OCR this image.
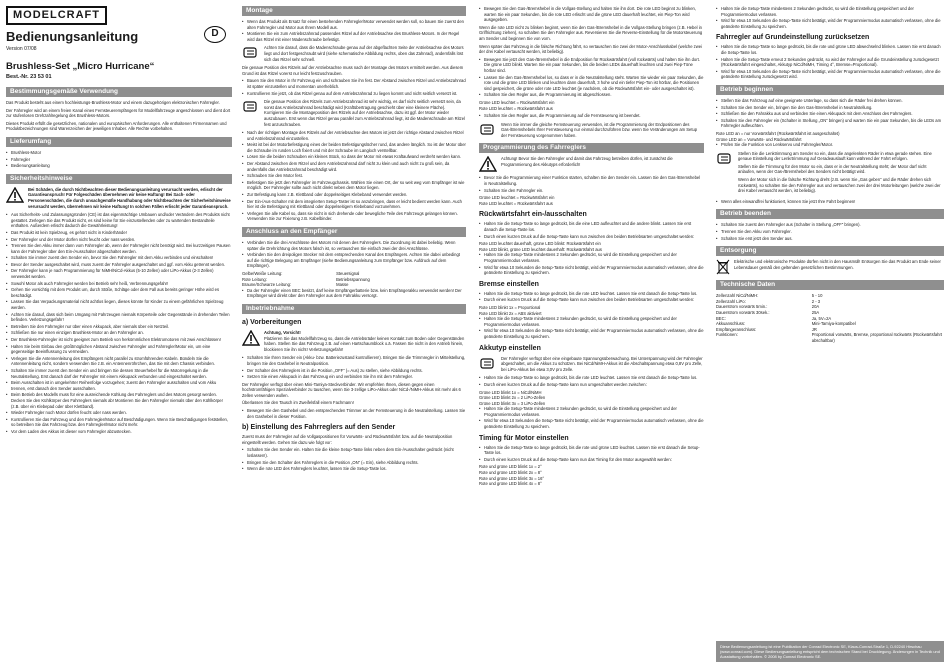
MODELCRAFT
Bedienungsanleitung
Version 07/08
D
Brushless-Set „Micro Hurricane“
Best.-Nr. 23 53 01
Bestimmungsgemäße Verwendung

Das Produkt besteht aus einem hochleistungs-Brushless-Motor und einem dazugehörigen elektronischen Fahrregler.

Der Fahrregler wird an einem freien Kanal eines Fernsteuerempfängers für Modellfahrzeuge angeschlossen und dient dort zur stufenlosen Drehzahlregelung des Brushless-Motors.

Dieses Produkt erfüllt die gesetzlichen, nationalen und europäischen Anforderungen. Alle enthaltenen Firmennamen und Produktbezeichnungen sind Warenzeichen der jeweiligen Inhaber. Alle Rechte vorbehalten.

Lieferumfang
• Brushless-Motor
• Fahrregler
• Bedienungsanleitung
Sicherheitshinweise
Bei Schäden, die durch Nichtbeachten dieser Bedienungsanleitung verursacht werden, erlischt der Garantieanspruch! Für Folgeschäden übernehmen wir keine Haftung! Bei Sach- oder Personenschäden, die durch unsachgemäße Handhabung oder Nichtbeachten der Sicherheitshinweise verursacht werden, übernehmen wir keine Haftung! In solchen Fällen erlischt jeder Garantieanspruch.
• Aus Sicherheits- und Zulassungsgründen (CE) ist das eigenmächtige Umbauen und/oder Verändern des Produkts nicht gestattet. Zerlegen Sie das Produkt nicht, es sind keine für Sie einzustellenden oder zu wartenden Bestandteile enthalten. Außerdem erlischt dadurch die Gewährleistung!
• Das Produkt ist kein Spielzeug, es gehört nicht in Kinderhände!
• Der Fahrregler und der Motor dürfen nicht feucht oder nass werden.
• Trennen Sie den Akku immer dann vom Fahrregler ab, wenn der Fahrregler nicht benötigt wird. Bei kurzzeitigen Pausen kann der Fahrregler über den Ein-/Ausschalter abgeschaltet werden.
• Schalten Sie immer zuerst den Sender ein, bevor Sie den Fahrregler mit dem Akku verbinden und einschalten!
• Bevor der Sender ausgeschaltet wird, muss zuerst der Fahrregler ausgeschaltet und ggf. vom Akku getrennt werden.
• Der Fahrregler kann je nach Programmierung für NiMH/NiCd-Akkus (5-10 Zellen) oder LiPo-Akkus (2-3 Zellen) verwendet werden.
• Sowohl Motor als auch Fahrregler werden bei Betrieb sehr heiß, Verbrennungsgefahr!
• Gehen Sie vorsichtig mit dem Produkt um, durch Stöße, Schläge oder dem Fall aus bereits geringer Höhe wird es beschädigt.
• Lassen Sie das Verpackungsmaterial nicht achtlos liegen, dieses könnte für Kinder zu einem gefährlichen Spielzeug werden.
• Achten Sie darauf, dass sich beim Umgang mit Fahrzeugen niemals Körperteile oder Gegenstände in drehenden Teilen befinden. Verletzungsgefahr!
• Betreiben Sie den Fahrregler nur über einen Akkupack, aber niemals über ein Netzteil.
• Schließen Sie nur einen einzigen Brushless-Motor an den Fahrregler an.
• Der Brushless-Fahrregler ist nicht geeignet zum Betrieb von herkömmlichen Elektromotoren mit zwei Anschlüssen!
• Halten Sie beim Einbau den größtmöglichen Abstand zwischen Fahrregler und Fahrregler/Motor ein, um eine gegenseitige Beeinflussung zu vermeiden.
• Verlegen Sie die Antennenleitung des Empfängers nicht parallel zu stromführenden Kabeln. Bündeln Sie die Antennenleitung nicht, sondern verwenden Sie z.B. ein Antennenröhrchen, das Sie mit dem Chassis verbinden.
• Schalten Sie immer zuerst den Sender ein und bringen Sie dessen Steuerhebel für die Motorregelung in die Neutralstellung. Erst danach darf der Fahrregler mit einem Akkupack verbunden und eingeschaltet werden.
• Beim Ausschalten ist in umgekehrter Reihenfolge vorzugehen; zuerst den Fahrregler ausschalten und vom Akku trennen, erst danach den Sender ausschalten.
• Beim Betrieb des Modells muss für eine ausreichende Kühlung des Fahrreglers und des Motors gesorgt werden. Decken Sie den Kühlkörper des Fahrreglers niemals ab! Montieren Sie den Fahrregler niemals über den Kühlkörper (z.B. über ein Klebepad oder über Klettband).
• Wieder Fahrregler noch Motor dürfen feucht oder nass werden.
• Kontrollieren Sie das Fahrzeug und den Fahrregler/Motor auf Beschädigungen. Wenn Sie Beschädigungen feststellen, so betreiben Sie das Fahrzeug bzw. den Fahrregler/Motor nicht mehr.
• Vor dem Laden des Akkus ist dieser vom Fahrregler abzustecken.
Montage
• Wenn das Produkt als Ersatz für einen bestehenden Fahrregler/Motor verwendet werden soll, so bauen Sie zuerst den alten Fahrregler und Motor aus Ihrem Modell aus.
• Montieren Sie ein zum Antriebszahnrad passendes Ritzel auf der Antriebsachse des Brushless-Motors. In der Regel wird das Ritzel mit einer Madenschraube befestigt.
Achten Sie darauf, dass die Madenschraube genau auf der abgeflachten Seite der Antriebsachse des Motors liegt und dort festgeschraubt wird (siehe schematische Abbildung rechts, oben das Zahnrad), andernfalls löst sich das Ritzel sehr schnell.

Die genaue Position des Ritzels auf der Antriebsachse muss nach der Montage des Motors ermittelt werden. Aus diesem Grund ist das Ritzel vorerst nur leicht festzuschrauben.

• Bauen Sie den Motor in Ihr Fahrzeug ein und schrauben Sie ihn fest. Der Abstand zwischen Ritzel und Antriebszahnrad ist später einzustellen und momentan unerheblich.
• Kontrollieren Sie jetzt, ob das Ritzel genau auf dem Antriebszahnrad zu liegen kommt und nicht seitlich versetzt ist.
Die genaue Position des Ritzels zum Antriebszahnrad ist sehr wichtig, es darf nicht seitlich versetzt sein, da sonst das Antriebszahnrad beschädigt wird (Kraftübertragung geschieht über eine kleinere Fläche). Korrigieren Sie die Montageposition des Ritzels auf der Antriebsachse, dazu ist ggf. der Motor wieder auszubauen. Erst wenn das Ritzel genau parallel zum Antriebszahnrad liegt, ist die Madenschraube am Ritzel fest anzuschrauben.
• Nach der richtigen Montage des Ritzels auf der Antriebsachse des Motors ist jetzt der richtige Abstand zwischen Ritzel und Antriebszahnrad einzustellen.
• Meist ist bei der Motorbefestigung eines der beiden Befestigungslöcher rund, das andere länglich. So ist der Motor über die Schraube im runden Loch fixiert und mit der Schraube im Langloch verstellbar.
• Lösen Sie die beiden Schrauben ein kleines Stück, so dass der Motor mit etwas Kraftaufwand verdreht werden kann.
• Der Abstand zwischen dem Ritzel und dem Antriebszahnrad darf nicht zu klein und auch nicht zu groß sein, da andernfalls das Antriebszahnrad beschädigt wird.
• Schrauben Sie den Motor fest.
• Befestigen Sie jetzt den Fahrregler im Fahrzeugchassis. Wählen Sie einen Ort, der so weit weg vom Empfänger ist wie möglich. Der Fahrregler sollte auch nicht direkt neben dem Motor liegen.
• Zur Befestigung kann z.B. Klettband oder doppelseitiges Klebeband verwendet werden.
• Der Ein-/Aus-Schalter mit dem integrierten Setup-Taster ist so anzubringen, dass er leicht bedient werden kann. Auch hier ist die Befestigung mit Klettband oder doppelseitigem Klebeband vorzunehmen.
• Verlegen Sie alle Kabel so, dass sie nicht in sich drehende oder bewegliche Teile des Fahrzeugs gelangen können. Verwenden Sie zur Fixierung z.B. Kabelbinder.
Anschluss an den Empfänger
• Verbinden Sie die drei Anschlüsse des Motors mit denen des Fahrreglers. Die Zuordnung ist dabei beliebig. Wenn später die Drehrichtung des Motors falsch ist, so vertauschen Sie einfach zwei der drei Anschlüsse.
• Verbinden Sie den dreipoligen Stecker mit dem entsprechenden Kanal des Empfängers. Achten Sie dabei unbedingt auf die richtige Belegung am Empfänger (siehe Bedienungsanleitung zum Empfänger bzw. Aufdruck auf dem Empfänger).
Gelbe/Weiße Leitung:	Steuersignal
Rote Leitung:	Betriebsspannung
Braune/Schwarze Leitung:	Masse
• Da der Fahrregler einen BEC besitzt, darf keine Empfängerbatterie bzw. kein Empfängerakku verwendet werden! Der Empfänger wird direkt über den Fahrregler aus dem Fahrakku versorgt.
Inbetriebnahme
a) Vorbereitungen
Achtung, Vorsicht!
Platzieren Sie das Modellfahrzeug so, dass die Antriebsräder keinen Kontakt zum Boden oder Gegenständen haben. Stellen Sie das Fahrzeug z.B. auf einen Hartschaumblock o.ä. Fassen Sie nicht in den Antrieb hinein, blockieren Sie ihn nicht! Verletzungsgefahr!
• Schalten Sie Ihren Sender ein (Akku- bzw. Batteriezustand kontrollieren!). Bringen Sie die Trimmregler in Mittelstellung, bringen Sie den Gashebel in Neutralposition.
• Der Schalter des Fahrreglers ist in die Position „OFF“ (= Aus) zu stellen, siehe Abbildung rechts.
• Setzen Sie einen Akkupack in das Fahrzeug ein und verbinden Sie ihn mit dem Fahrregler.

Der Fahrregler verfügt über einen Mini-Tamiya-Steckverbinder. Wir empfehlen Ihnen, diesen gegen einen hochstromfähigen Spezialverbinder zu tauschen, wenn Sie 3-zellige LiPo-Akkus oder NiCd-/NiMH-Akkus mit mehr als 6 Zellen verwenden wollen.

Überlassen Sie den Tausch im Zweifelsfall einem Fachmann!

• Bewegen Sie den Gashebel und den entsprechenden Trimmer an der Fernsteuerung in die Neutralstellung. Lassen Sie den Gashebel in dieser Position.
b) Einstellung des Fahrreglers auf den Sender

Zuerst muss der Fahrregler auf die Vollgaspositionen für Vorwärts- und Rückwärtsfahrt bzw. auf die Neutralposition eingestellt werden. Gehen Sie dazu wie folgt vor:

• Schalten Sie den Sender ein. Halten Sie die kleine Setup-Taste links neben dem Ein-/Ausschalter gedrückt (nicht loslassen!).
• Bringen Sie den Schalter des Fahrreglers in die Position „ON“ (= Ein), siehe Abbildung rechts.
• Wenn die rote LED des Fahrreglers leuchtet, lassen Sie die Setup-Taste los.
• Bewegen Sie den Gas-/Bremshebel in die Vollgas-Stellung und halten Sie ihn dort. Die rote LED beginnt zu blinken, warten Sie ein paar Sekunden, bis die rote LED erlischt und die grüne LED dauerhaft leuchtet, ein Piep-Ton wird ausgegeben.

Wenn die rote LED nicht zu blinken beginnt, wenn Sie den Gas-/Bremshebel in die Vollgas-Stellung bringen (z.B. Hebel in Griffrichtung ziehen), so schalten Sie den Fahrregler aus. Reversieren Sie die Reverse-Einstellung für die Motorsteuerung am Sender und beginnen Sie von vorn.

Wenn später das Fahrzeug in die falsche Richtung fährt, so vertauschen Sie zwei der Motor-Anschlusskabel (welche zwei der drei Kabel vertauscht werden, ist beliebig).

• Bewegen Sie jetzt den Gas-/Bremshebel in die Endposition für Rückwärtsfahrt (voll rückwärts) und halten Sie ihn dort. Die grüne LED blinkt. Warten Sie ein paar Sekunden, bis die beiden LEDs dauerhaft leuchten und zwei Piep-Töne hörbar sind.
• Lassen Sie den Gas-/Bremshebel los, so dass er in die Neutralstellung steht. Warten Sie wieder ein paar Sekunden, die rote und die grüne LED blinken und leuchten dann dauerhaft, 3 hohe und ein tiefer Piep-Ton ist hörbar, die Positionen sind gespeichert, die grüne oder rote LED leuchtet (je nachdem, ob die Rückwärtsfahrt ein- oder ausgeschaltet ist).
• Schalten Sie den Regler aus, die Programmierung ist abgeschlossen.

Grüne LED leuchtet = Rückwärtsfahrt ein

Rote LED leuchtet = Rückwärtsfahrt aus

• Schalten Sie den Regler aus, die Programmierung auf die Fernsteuerung ist beendet.
Wenn Sie immer die gleiche Fernsteuerung verwenden, ist die Programmierung der Endpositionen des Gas-/Bremshebels Ihrer Fernsteuerung nur einmal durchzuführen bzw. wenn Sie Veränderungen am Setup der Fernsteuerung vorgenommen haben.
Programmierung des Fahrreglers
Achtung! Bevor Sie den Fahrregler und damit das Fahrzeug betreiben dürfen, ist zunächst die Programmierung des Akkutyps erforderlich!
• Bevor Sie die Programmierung einer Funktion starten, schalten Sie den Sender ein. Lassen Sie den Gas-/Bremshebel in Neutralstellung.
• Schalten Sie den Fahrregler ein.

Grüne LED leuchtet = Rückwärtsfahrt ein

Rote LED leuchtet = Rückwärtsfahrt aus

Rückwärtsfahrt ein-/ausschalten
• Halten Sie die Setup-Taste so lange gedrückt, bis die eine LED aufleuchtet und die andere blinkt. Lassen Sie erst danach die Setup-Taste los.
• Durch einen kurzen Druck auf die Setup-Taste kann nun zwischen den beiden Betriebsarten umgeschaltet werden:

Rote LED leuchtet dauerhaft, grüne LED blinkt: Rückwärtsfahrt ein

Rote LED blinkt, grüne LED leuchtet dauerhaft: Rückwärtsfahrt aus

• Halten Sie die Setup-Taste mindestens 2 Sekunden gedrückt, so wird die Einstellung gespeichert und der Programmiermodus verlassen.
• Wird für etwa 10 Sekunden die Setup-Taste nicht betätigt, wird der Programmiermodus automatisch verlassen, ohne die geänderte Einstellung zu speichern.
Bremse einstellen
• Halten Sie die Setup-Taste so lange gedrückt, bis die rote LED leuchtet. Lassen Sie erst danach die Setup-Taste los.
• Durch einen kurzen Druck auf die Setup-Taste kann nun zwischen den beiden Betriebsarten umgeschaltet werden:

Rote LED blinkt 1x = Proportional

Rote LED blinkt 2x = ABS aktiviert

• Halten Sie die Setup-Taste mindestens 2 Sekunden gedrückt, so wird die Einstellung gespeichert und der Programmiermodus verlassen.
• Wird für etwa 10 Sekunden die Setup-Taste nicht betätigt, wird der Programmiermodus automatisch verlassen, ohne die geänderte Einstellung zu speichern.
Akkutyp einstellen
Der Fahrregler verfügt über eine eingebaute Spannungsüberwachung. Bei Unterspannung wird der Fahrregler abgeschaltet, um die Akkus zu schützen. Bei NiCd/NiMH-Akkus ist die Abschaltspannung etwa 0,8V pro Zelle, bei LiPo-Akkus bei etwa 3,0V pro Zelle.
• Halten Sie die Setup-Taste so lange gedrückt, bis die rote LED leuchtet. Lassen Sie erst danach die Setup-Taste los.
• Durch einen kurzen Druck auf die Setup-Taste kann nun umgeschaltet werden zwischen:

Grüne LED blinkt 1x = NiCd/NiMH

Grüne LED blinkt 2x = 2 LiPo-Zellen

Grüne LED blinkt 3x = 3 LiPo-Zellen

• Halten Sie die Setup-Taste mindestens 2 Sekunden gedrückt, so wird die Einstellung gespeichert und der Programmiermodus verlassen.
• Wird für etwa 10 Sekunden die Setup-Taste nicht betätigt, wird der Programmiermodus automatisch verlassen, ohne die geänderte Einstellung zu speichern.
Timing für Motor einstellen
• Halten Sie die Setup-Taste so lange gedrückt, bis die rote und grüne LED leuchtet. Lassen Sie erst danach die Setup-Taste los.
• Durch einen kurzen Druck auf die Setup-Taste kann nun das Timing für den Motor ausgewählt werden:

Rote und grüne LED blinkt 1x = 2°

Rote und grüne LED blinkt 2x = 8°

Rote und grüne LED blinkt 3x = 16°

Rote und grüne LED blinkt 4x = 8°

• Halten Sie die Setup-Taste mindestens 2 Sekunden gedrückt, so wird die Einstellung gespeichert und der Programmiermodus verlassen.
• Wird für etwa 10 Sekunden die Setup-Taste nicht betätigt, wird der Programmiermodus automatisch verlassen, ohne die geänderte Einstellung zu speichern.
Fahrregler auf Grundeinstellung zurücksetzen
• Halten Sie die Setup-Taste so lange gedrückt, bis die rote und grüne LED abwechselnd blinken. Lassen Sie erst danach die Setup-Taste los.
• Halten Sie die Setup-Taste erneut 2 Sekunden gedrückt, so wird der Fahrregler auf die Grundeinstellung zurückgesetzt (Rückwärtsfahrt eingeschaltet, Akkutyp NiCd/NiMH, Timing 4°, Bremse=Proportional).
• Wird für etwa 10 Sekunden die Setup-Taste nicht betätigt, wird der Programmiermodus automatisch verlassen, ohne die geänderte Einstellung zurückgesetzt wird.
Betrieb beginnen
• Stellen Sie das Fahrzeug auf eine geeignete Unterlage, so dass sich die Räder frei drehen können.
• Schalten Sie den Sender ein, bringen Sie den Gas-/Bremshebel in Neutralstellung.
• Schließen Sie den Fahrakku aus und verbinden Sie einen Akkupack mit dem Anschluss des Fahrreglers.
• Schalten Sie den Fahrregler ein (Schalter in Stellung „ON“ bringen) und warten Sie ein paar Sekunden, bis die LEDs am Fahrregler aufleuchten.

Rote LED an = nur Vorwärtsfahrt (Rückwärtsfahrt ist ausgeschaltet)

Grüne LED an = Vorwärts- und Rückwärtsfahrt

• Prüfen Sie die Funktion von Lenkservo und Fahrregler/Motor.

Stellen Sie die Lenktrimmung am Sender so ein, dass die angelenkten Räder in etwa gerade stehen. Eine genaue Einstellung der Lenkrtrimmung auf Geradeauslauft kann während der Fahrt erfolgen.

Stellen Sie die Trimmung für den Motor so ein, dass er in der Neutralstellung steht; der Motor darf nicht anlaufen, wenn der Gas-/Bremshebel des Senders nicht betätigt wird.

Wenn der Motor sich in die falsche Richtung dreht (z.B. wenn Sie „Gas geben“ und die Räder drehen sich rückwärts), so schalten Sie den Fahrregler aus und vertauschen zwei der drei Motorleitungen (welche zwei der drei Kabel vertauscht werden, ist beliebig).

• Wenn alles einwandfrei funktioniert, können Sie jetzt Ihre Fahrt beginnen!
Betrieb beenden
• Schalten Sie zuerst den Fahrregler aus (Schalter in Stellung „OFF“ bringen).
• Trennen Sie den Akku vom Fahrregler.
• Schalten Sie erst jetzt den Sender aus.
Entsorgung
Elektrische und elektronische Produkte dürfen nicht in den Hausmüll! Entsorgen Sie das Produkt am Ende seiner Lebensdauer gemäß den geltenden gesetzlichen Bestimmungen.
Technische Daten
Zellenzahl NiCd/NiMH:	5 - 10
Zellenzahl LiPo:	2 - 3
Dauerstrom vorwärts 5min.:	20A
Dauerstrom vorwärts 30sek.:	25A
BEC:	Ja, 5V=2A
Akkuanschluss:	Mini-Tamiya-kompatibel
Empfängeranschluss:	JR
Funktionen:	Proportional vorwärts, Bremse, proportional rückwärts (Rückwärtsfahrt abschaltbar)
Diese Bedienungsanleitung ist eine Publikation der Conrad Electronic SE, Klaus-Conrad-Straße 1, D-92240 Hirschau (www.conrad.com). Diese Bedienungsanleitung entspricht dem technischen Stand bei Drucklegung. Änderungen in Technik und Ausstattung vorbehalten. © 2008 by Conrad Electronic SE.
